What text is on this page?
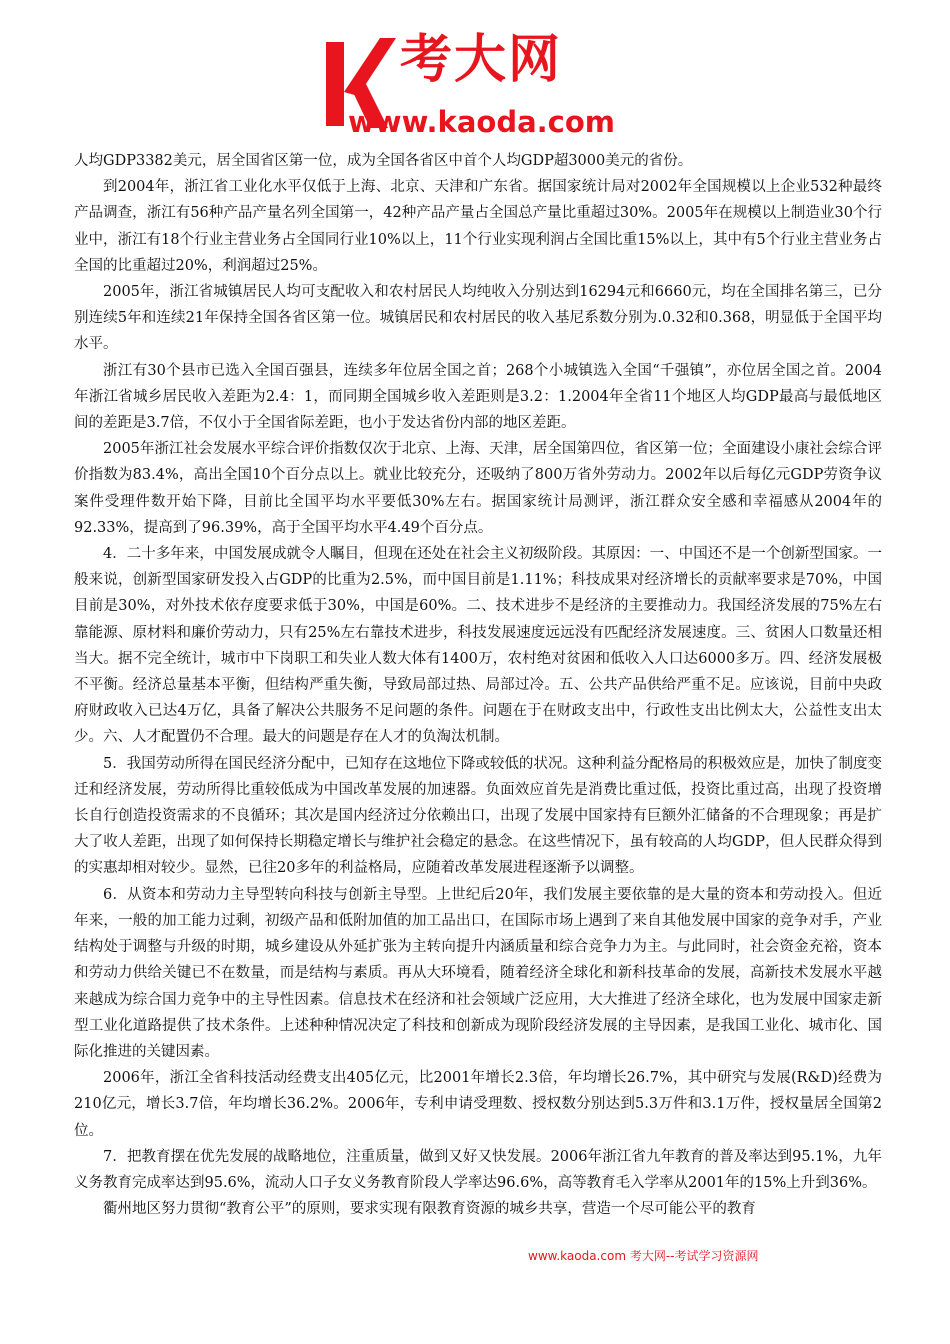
考大网
www.kaoda.com

人均GDP3382美元，居全国省区第一位，成为全国各省区中首个人均GDP超3000美元的省份。

到2004年，浙江省工业化水平仅低于上海、北京、天津和广东省。据国家统计局对2002年全国规模以上企业532种最终产品调查，浙江有56种产品产量名列全国第一，42种产品产量占全国总产量比重超过30%。2005年在规模以上制造业30个行业中，浙江有18个行业主营业务占全国同行业10%以上，11个行业实现利润占全国比重15%以上，其中有5个行业主营业务占全国的比重超过20%，利润超过25%。

2005年，浙江省城镇居民人均可支配收入和农村居民人均纯收入分别达到16294元和6660元，均在全国排名第三，已分别连续5年和连续21年保持全国各省区第一位。城镇居民和农村居民的收入基尼系数分别为.0.32和0.368，明显低于全国平均水平。

浙江有30个县市已选入全国百强县，连续多年位居全国之首；268个小城镇选入全国“千强镇”，亦位居全国之首。2004年浙江省城乡居民收入差距为2.4：1，而同期全国城乡收入差距则是3.2：1.2004年全省11个地区人均GDP最高与最低地区间的差距是3.7倍，不仅小于全国省际差距，也小于发达省份内部的地区差距。

2005年浙江社会发展水平综合评价指数仅次于北京、上海、天津，居全国第四位，省区第一位；全面建设小康社会综合评价指数为83.4%，高出全国10个百分点以上。就业比较充分，还吸纳了800万省外劳动力。2002年以后每亿元GDP劳资争议案件受理件数开始下降，目前比全国平均水平要低30%左右。据国家统计局测评，浙江群众安全感和幸福感从2004年的92.33%，提高到了96.39%，高于全国平均水平4.49个百分点。

4．二十多年来，中国发展成就令人瞩目，但现在还处在社会主义初级阶段。其原因：一、中国还不是一个创新型国家。一般来说，创新型国家研发投入占GDP的比重为2.5%，而中国目前是1.11%；科技成果对经济增长的贡献率要求是70%，中国目前是30%，对外技术依存度要求低于30%，中国是60%。二、技术进步不是经济的主要推动力。我国经济发展的75%左右靠能源、原材料和廉价劳动力，只有25%左右靠技术进步，科技发展速度远远没有匹配经济发展速度。三、贫困人口数量还相当大。据不完全统计，城市中下岗职工和失业人数大体有1400万，农村绝对贫困和低收入人口达6000多万。四、经济发展极不平衡。经济总量基本平衡，但结构严重失衡，导致局部过热、局部过冷。五、公共产品供给严重不足。应该说，目前中央政府财政收入已达4万亿，具备了解决公共服务不足问题的条件。问题在于在财政支出中，行政性支出比例太大，公益性支出太少。六、人才配置仍不合理。最大的问题是存在人才的负淘汰机制。

5．我国劳动所得在国民经济分配中，已知存在这地位下降或较低的状况。这种利益分配格局的积极效应是，加快了制度变迁和经济发展，劳动所得比重较低成为中国改革发展的加速器。负面效应首先是消费比重过低，投资比重过高，出现了投资增长自行创造投资需求的不良循环；其次是国内经济过分依赖出口，出现了发展中国家持有巨额外汇储备的不合理现象；再是扩大了收人差距，出现了如何保持长期稳定增长与维护社会稳定的悬念。在这些情况下，虽有较高的人均GDP，但人民群众得到的实惠却相对较少。显然，已往20多年的利益格局，应随着改革发展进程逐渐予以调整。

6．从资本和劳动力主导型转向科技与创新主导型。上世纪后20年，我们发展主要依靠的是大量的资本和劳动投入。但近年来，一般的加工能力过剩，初级产品和低附加值的加工品出口，在国际市场上遇到了来自其他发展中国家的竞争对手，产业结构处于调整与升级的时期，城乡建设从外延扩张为主转向提升内涵质量和综合竞争力为主。与此同时，社会资金充裕，资本和劳动力供给关键已不在数量，而是结构与素质。再从大环境看，随着经济全球化和新科技革命的发展，高新技术发展水平越来越成为综合国力竞争中的主导性因素。信息技术在经济和社会领域广泛应用，大大推进了经济全球化，也为发展中国家走新型工业化道路提供了技术条件。上述种种情况决定了科技和创新成为现阶段经济发展的主导因素，是我国工业化、城市化、国际化推进的关键因素。

2006年，浙江全省科技活动经费支出405亿元，比2001年增长2.3倍，年均增长26.7%，其中研究与发展(R&D)经费为210亿元，增长3.7倍，年均增长36.2%。2006年，专利申请受理数、授权数分别达到5.3万件和3.1万件，授权量居全国第2位。

7．把教育摆在优先发展的战略地位，注重质量，做到又好又快发展。2006年浙江省九年教育的普及率达到95.1%，九年义务教育完成率达到95.6%，流动人口子女义务教育阶段人学率达96.6%，高等教育毛入学率从2001年的15%上升到36%。

衢州地区努力贯彻“教育公平”的原则，要求实现有限教育资源的城乡共享，营造一个尽可能公平的教育

www.kaoda.com 考大网--考试学习资源网
